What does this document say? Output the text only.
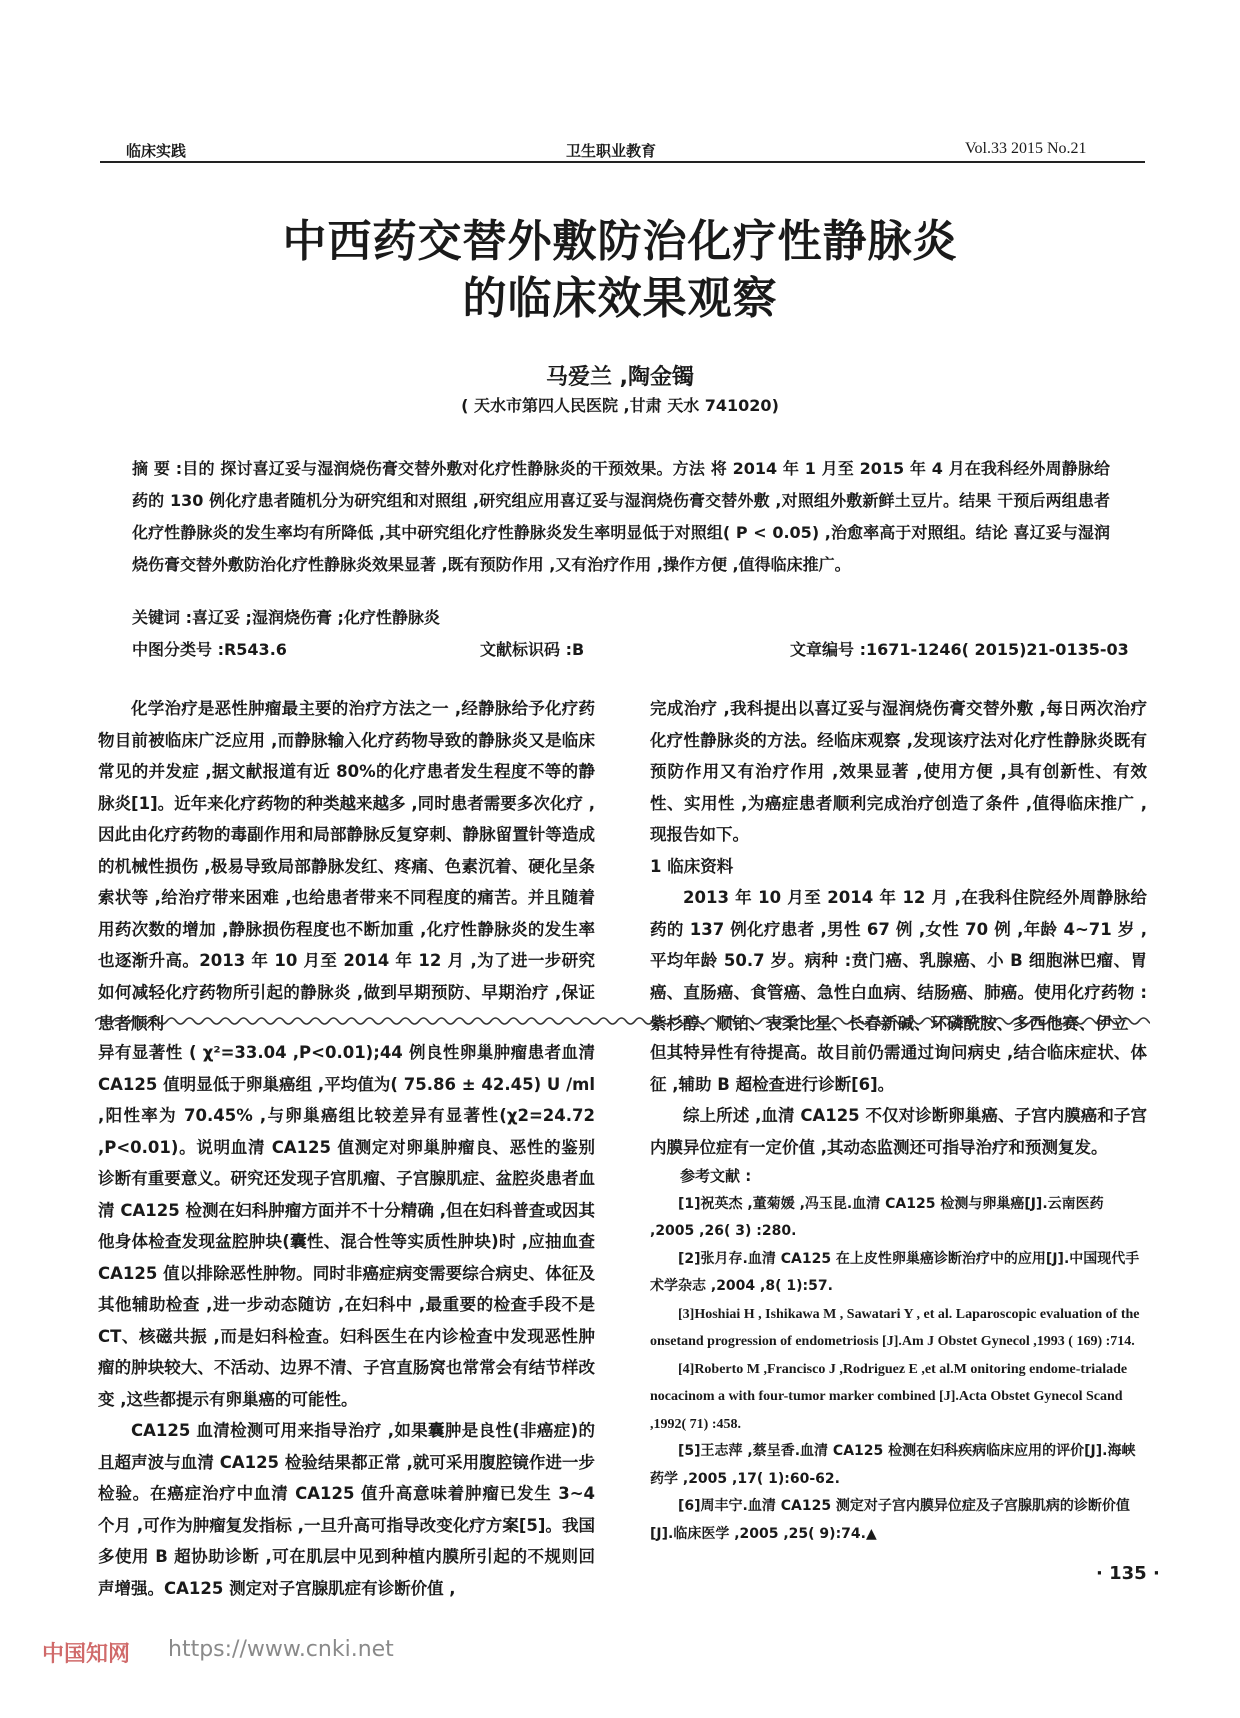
临床实践	卫生职业教育	Vol.33 2015 No.21
中西药交替外敷防治化疗性静脉炎
的临床效果观察
马爱兰 ,陶金镯
( 天水市第四人民医院 ,甘肃 天水 741020)
摘 要 :目的 探讨喜辽妥与湿润烧伤膏交替外敷对化疗性静脉炎的干预效果。方法 将 2014 年 1 月至 2015 年 4 月在我科经外周静脉给药的 130 例化疗患者随机分为研究组和对照组 ,研究组应用喜辽妥与湿润烧伤膏交替外敷 ,对照组外敷新鲜土豆片。结果 干预后两组患者化疗性静脉炎的发生率均有所降低 ,其中研究组化疗性静脉炎发生率明显低于对照组( P < 0.05) ,治愈率高于对照组。结论 喜辽妥与湿润烧伤膏交替外敷防治化疗性静脉炎效果显著 ,既有预防作用 ,又有治疗作用 ,操作方便 ,值得临床推广。
关键词 :喜辽妥 ;湿润烧伤膏 ;化疗性静脉炎
中图分类号 :R543.6	文献标识码 :B	文章编号 :1671-1246( 2015)21-0135-03

化学治疗是恶性肿瘤最主要的治疗方法之一 ,经静脉给予化疗药物目前被临床广泛应用 ,而静脉输入化疗药物导致的静脉炎又是临床常见的并发症 ,据文献报道有近 80%的化疗患者发生程度不等的静脉炎[1]。近年来化疗药物的种类越来越多 ,同时患者需要多次化疗 ,因此由化疗药物的毒副作用和局部静脉反复穿刺、静脉留置针等造成的机械性损伤 ,极易导致局部静脉发红、疼痛、色素沉着、硬化呈条索状等 ,给治疗带来困难 ,也给患者带来不同程度的痛苦。并且随着用药次数的增加 ,静脉损伤程度也不断加重 ,化疗性静脉炎的发生率也逐渐升高。2013 年 10 月至 2014 年 12 月 ,为了进一步研究如何减轻化疗药物所引起的静脉炎 ,做到早期预防、早期治疗 ,保证患者顺利

完成治疗 ,我科提出以喜辽妥与湿润烧伤膏交替外敷 ,每日两次治疗化疗性静脉炎的方法。经临床观察 ,发现该疗法对化疗性静脉炎既有预防作用又有治疗作用 ,效果显著 ,使用方便 ,具有创新性、有效性、实用性 ,为癌症患者顺利完成治疗创造了条件 ,值得临床推广 ,现报告如下。

1 临床资料

2013 年 10 月至 2014 年 12 月 ,在我科住院经外周静脉给药的 137 例化疗患者 ,男性 67 例 ,女性 70 例 ,年龄 4~71 岁 ,平均年龄 50.7 岁。病种 :贲门癌、乳腺癌、小 B 细胞淋巴瘤、胃癌、直肠癌、食管癌、急性白血病、结肠癌、肺癌。使用化疗药物 :紫杉醇、顺铂、表柔比星、长春新碱、环磷酰胺、多西他赛、伊立

异有显著性 ( χ²=33.04 ,P<0.01);44 例良性卵巢肿瘤患者血清 CA125 值明显低于卵巢癌组 ,平均值为( 75.86 ± 42.45) U /ml ,阳性率为 70.45% ,与卵巢癌组比较差异有显著性(χ2=24.72 ,P<0.01)。说明血清 CA125 值测定对卵巢肿瘤良、恶性的鉴别诊断有重要意义。研究还发现子宫肌瘤、子宫腺肌症、盆腔炎患者血清 CA125 检测在妇科肿瘤方面并不十分精确 ,但在妇科普查或因其他身体检查发现盆腔肿块(囊性、混合性等实质性肿块)时 ,应抽血查 CA125 值以排除恶性肿物。同时非癌症病变需要综合病史、体征及其他辅助检查 ,进一步动态随访 ,在妇科中 ,最重要的检查手段不是 CT、核磁共振 ,而是妇科检查。妇科医生在内诊检查中发现恶性肿瘤的肿块较大、不活动、边界不清、子宫直肠窝也常常会有结节样改变 ,这些都提示有卵巢癌的可能性。

CA125 血清检测可用来指导治疗 ,如果囊肿是良性(非癌症)的且超声波与血清 CA125 检验结果都正常 ,就可采用腹腔镜作进一步检验。在癌症治疗中血清 CA125 值升高意味着肿瘤已发生 3~4 个月 ,可作为肿瘤复发指标 ,一旦升高可指导改变化疗方案[5]。我国多使用 B 超协助诊断 ,可在肌层中见到种植内膜所引起的不规则回声增强。CA125 测定对子宫腺肌症有诊断价值 ,

但其特异性有待提高。故目前仍需通过询问病史 ,结合临床症状、体征 ,辅助 B 超检查进行诊断[6]。

综上所述 ,血清 CA125 不仅对诊断卵巢癌、子宫内膜癌和子宫内膜异位症有一定价值 ,其动态监测还可指导治疗和预测复发。

参考文献 :

[1]祝英杰 ,董菊媛 ,冯玉昆.血清 CA125 检测与卵巢癌[J].云南医药 ,2005 ,26( 3) :280.

[2]张月存.血清 CA125 在上皮性卵巢癌诊断治疗中的应用[J].中国现代手术学杂志 ,2004 ,8( 1):57.

[3]Hoshiai H , Ishikawa M , Sawatari Y , et al. Laparoscopic evaluation of the onsetand progression of endometriosis [J].Am J Obstet Gynecol ,1993 ( 169) :714.

[4]Roberto M ,Francisco J ,Rodriguez E ,et al.M onitoring endome-trialade nocacinom a with four-tumor marker combined [J].Acta Obstet Gynecol Scand ,1992( 71) :458.

[5]王志萍 ,蔡呈香.血清 CA125 检测在妇科疾病临床应用的评价[J].海峡药学 ,2005 ,17( 1):60-62.

[6]周丰宁.血清 CA125 测定对子宫内膜异位症及子宫腺肌病的诊断价值[J].临床医学 ,2005 ,25( 9):74.▲

· 135 ·
中国知网 https://www.cnki.net
